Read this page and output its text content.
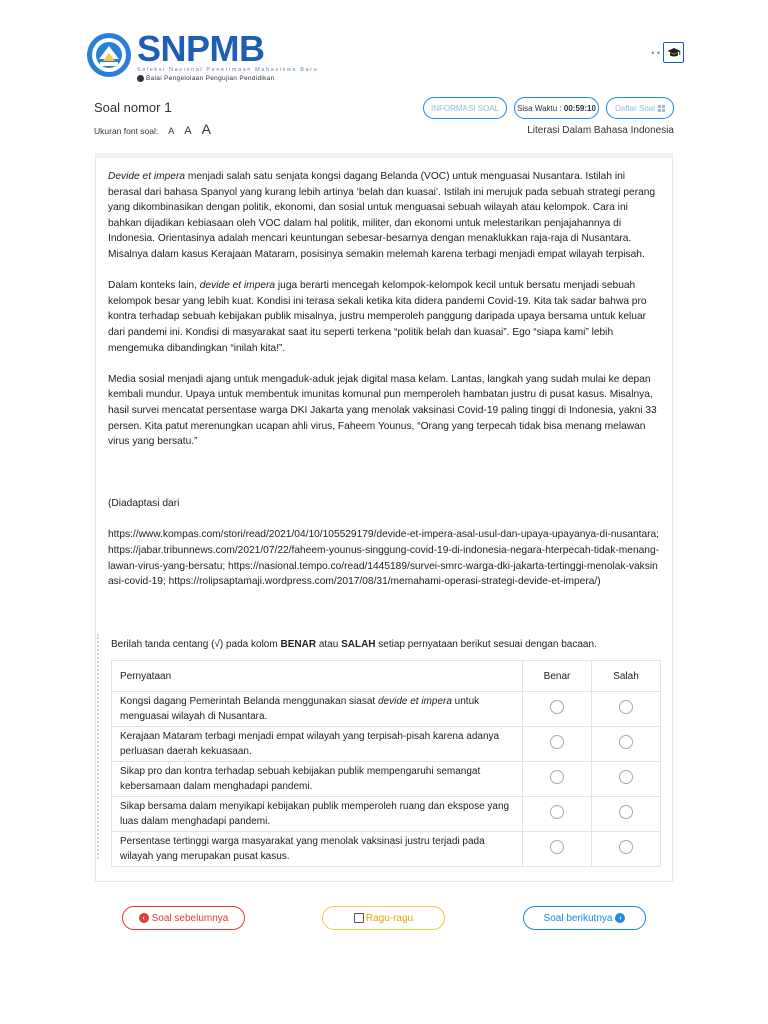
SNPMB
Seleksi Nasional Penerimaan Mahasiswa Baru
Balai Pengelolaan Pengujian Pendidikan
• •
Soal nomor 1
Ukuran font soal: A A A
INFORMASI SOAL	Sisa Waktu :
00:59:10 Daftar Soal
Literasi Dalam Bahasa Indonesia

Devide et impera menjadi salah satu senjata kongsi dagang Belanda (VOC) untuk menguasai Nusantara. Istilah ini berasal dari bahasa Spanyol yang kurang lebih artinya ‘belah dan kuasai’. Istilah ini merujuk pada sebuah strategi perang yang dikombinasikan dengan politik, ekonomi, dan sosial untuk menguasai sebuah wilayah atau kelompok. Cara ini bahkan dijadikan kebiasaan oleh VOC dalam hal politik, militer, dan ekonomi untuk melestarikan penjajahannya di Indonesia. Orientasinya adalah mencari keuntungan sebesar-besarnya dengan menaklukkan raja-raja di Nusantara. Misalnya dalam kasus Kerajaan Mataram, posisinya semakin melemah karena terbagi menjadi empat wilayah terpisah.

Dalam konteks lain, devide et impera juga berarti mencegah kelompok-kelompok kecil untuk bersatu menjadi sebuah kelompok besar yang lebih kuat. Kondisi ini terasa sekali ketika kita didera pandemi Covid-19. Kita tak sadar bahwa pro kontra terhadap sebuah kebijakan publik misalnya, justru memperoleh panggung daripada upaya bersama untuk keluar dari pandemi ini. Kondisi di masyarakat saat itu seperti terkena “politik belah dan kuasai”. Ego “siapa kami” lebih mengemuka dibandingkan “inilah kita!”.

Media sosial menjadi ajang untuk mengaduk-aduk jejak digital masa kelam. Lantas, langkah yang sudah mulai ke depan kembali mundur. Upaya untuk membentuk imunitas komunal pun memperoleh hambatan justru di pusat kasus. Misalnya, hasil survei mencatat persentase warga DKI Jakarta yang menolak vaksinasi Covid-19 paling tinggi di Indonesia, yakni 33 persen. Kita patut merenungkan ucapan ahli virus, Faheem Younus, “Orang yang terpecah tidak bisa menang melawan virus yang bersatu.”

(Diadaptasi dari

https://www.kompas.com/stori/read/2021/04/10/105529179/devide-et-impera-asal-usul-dan-upaya-upayanya-di-nusantara; https://jabar.tribunnews.com/2021/07/22/faheem-younus-singgung-covid-19-di-indonesia-negara-hterpecah-tidak-menang-lawan-virus-yang-bersatu; https://nasional.tempo.co/read/1445189/survei-smrc-warga-dki-jakarta-tertinggi-menolak-vaksinasi-covid-19; https://rolipsaptamaji.wordpress.com/2017/08/31/memahami-operasi-strategi-devide-et-impera/)

Berilah tanda centang (√) pada kolom BENAR atau SALAH setiap pernyataan berikut sesuai dengan bacaan.
Pernyataan	Benar	Salah
Kongsi dagang Pemerintah Belanda menggunakan siasat devide et impera untuk menguasai wilayah di Nusantara.		
Kerajaan Mataram terbagi menjadi empat wilayah yang terpisah-pisah karena adanya perluasan daerah kekuasaan.		
Sikap pro dan kontra terhadap sebuah kebijakan publik mempengaruhi semangat kebersamaan dalam menghadapi pandemi.		
Sikap bersama dalam menyikapi kebijakan publik memperoleh ruang dan ekspose yang luas dalam menghadapi pandemi.		
Persentase tertinggi warga masyarakat yang menolak vaksinasi justru terjadi pada wilayah yang merupakan pusat kasus.		
‹ Soal sebelumnya	Ragu-ragu	Soal berikutnya ›
